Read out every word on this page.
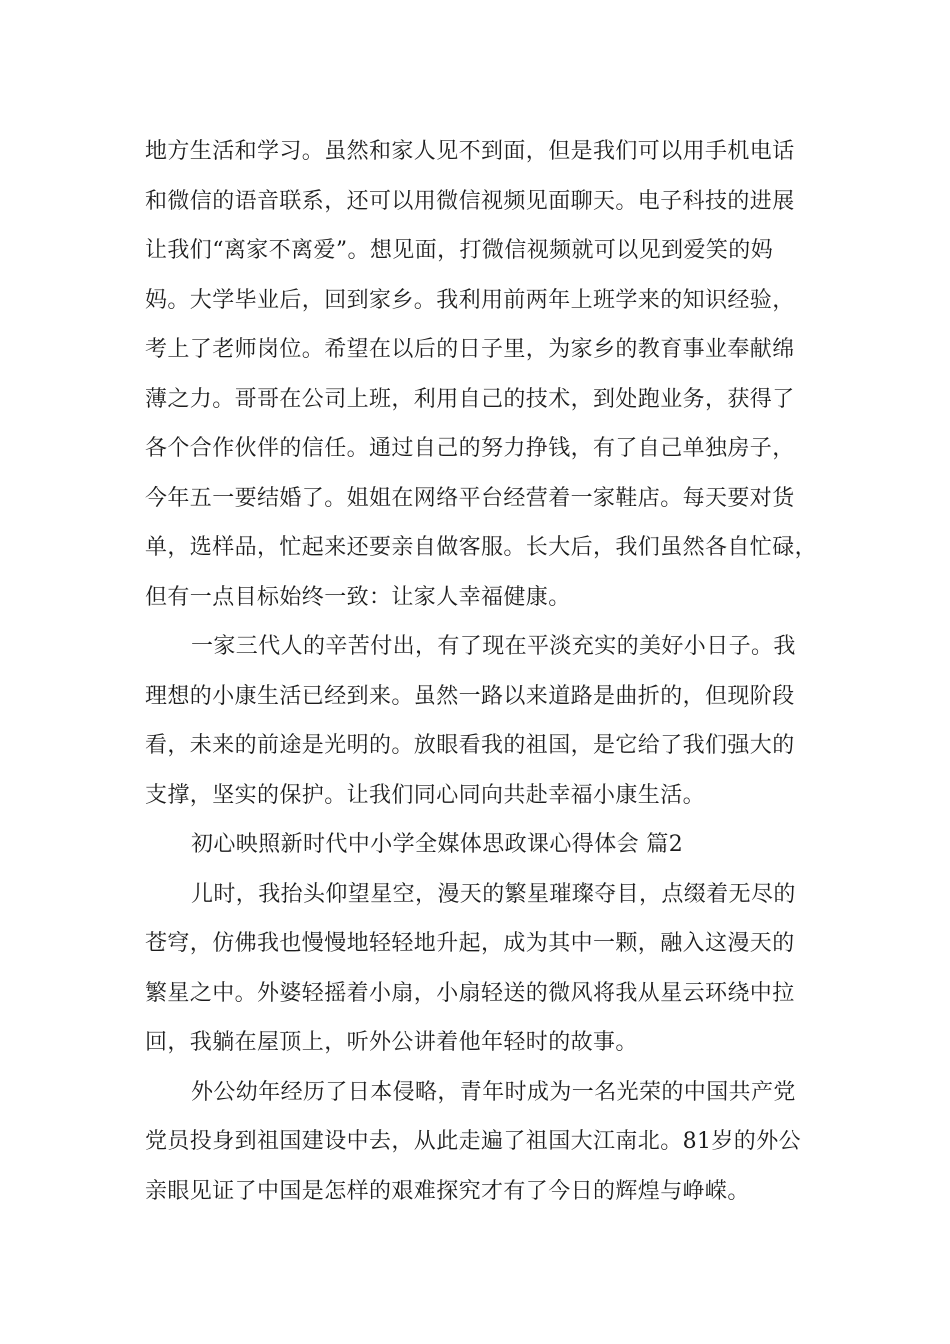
地方生活和学习。虽然和家人见不到面，但是我们可以用手机电话
和微信的语音联系，还可以用微信视频见面聊天。电子科技的进展
让我们“离家不离爱”。想见面，打微信视频就可以见到爱笑的妈
妈。大学毕业后，回到家乡。我利用前两年上班学来的知识经验，
考上了老师岗位。希望在以后的日子里，为家乡的教育事业奉献绵
薄之力。哥哥在公司上班，利用自己的技术，到处跑业务，获得了
各个合作伙伴的信任。通过自己的努力挣钱，有了自己单独房子，
今年五一要结婚了。姐姐在网络平台经营着一家鞋店。每天要对货
单，选样品，忙起来还要亲自做客服。长大后，我们虽然各自忙碌，
但有一点目标始终一致：让家人幸福健康。
一家三代人的辛苦付出，有了现在平淡充实的美好小日子。我
理想的小康生活已经到来。虽然一路以来道路是曲折的，但现阶段
看，未来的前途是光明的。放眼看我的祖国，是它给了我们强大的
支撑，坚实的保护。让我们同心同向共赴幸福小康生活。
初心映照新时代中小学全媒体思政课心得体会 篇2
儿时，我抬头仰望星空，漫天的繁星璀璨夺目，点缀着无尽的
苍穹，仿佛我也慢慢地轻轻地升起，成为其中一颗，融入这漫天的
繁星之中。外婆轻摇着小扇，小扇轻送的微风将我从星云环绕中拉
回，我躺在屋顶上，听外公讲着他年轻时的故事。
外公幼年经历了日本侵略，青年时成为一名光荣的中国共产党
党员投身到祖国建设中去，从此走遍了祖国大江南北。81岁的外公
亲眼见证了中国是怎样的艰难探究才有了今日的辉煌与峥嵘。
